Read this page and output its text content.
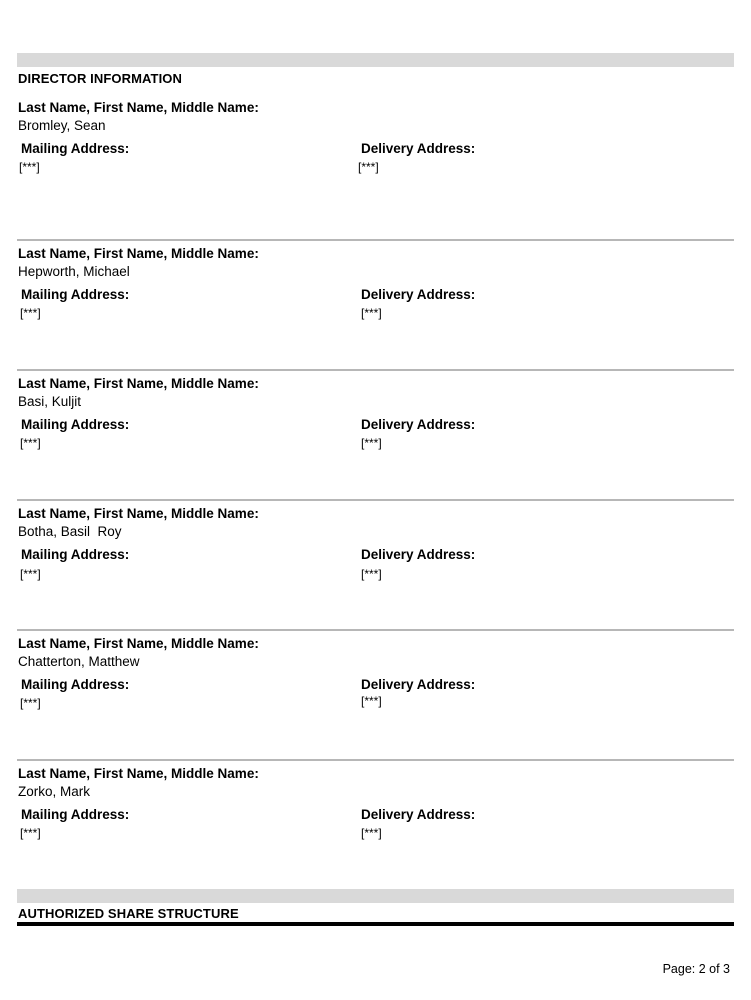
DIRECTOR INFORMATION
Last Name, First Name, Middle Name:
Bromley, Sean
Mailing Address:	Delivery Address:
[***]	[***]
Last Name, First Name, Middle Name:
Hepworth, Michael
Mailing Address:	Delivery Address:
[***]	[***]
Last Name, First Name, Middle Name:
Basi, Kuljit
Mailing Address:	Delivery Address:
[***]	[***]
Last Name, First Name, Middle Name:
Botha, Basil  Roy
Mailing Address:	Delivery Address:
[***]	[***]
Last Name, First Name, Middle Name:
Chatterton, Matthew
Mailing Address:	Delivery Address:
[***]	[***]
Last Name, First Name, Middle Name:
Zorko, Mark
Mailing Address:	Delivery Address:
[***]	[***]
AUTHORIZED SHARE STRUCTURE
Page: 2 of 3
